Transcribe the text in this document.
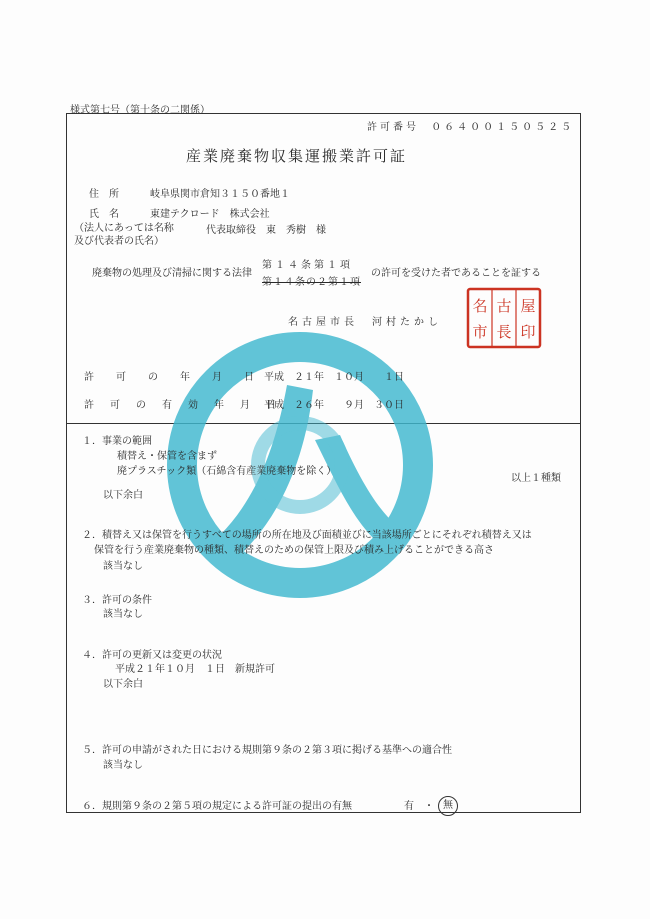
様式第七号（第十条の二関係）
許可番号 ０６４００１５０５２５
産業廃棄物収集運搬業許可証
住　所	岐阜県関市倉知３１５０番地１
氏　名	東建テクロード　株式会社
（法人にあっては名称
及び代表者の氏名）
代表取締役　東　秀樹　様
廃棄物の処理及び清掃に関する法律
第１４条第１項
第１４条の２第１項
の許可を受けた者であることを証する
名古屋市長　河村たかし
名
市
古
長
屋
印
許　可　の　年　月　日 平成　２１年　１０月　　１日
許　可　の　有　効　年　月　日
平成　２６年　　９月　３０日
１．事業の範囲
積替え・保管を含まず
廃プラスチック類（石綿含有産業廃棄物を除く）
以上１種類
以下余白
２．積替え又は保管を行うすべての場所の所在地及び面積並びに当該場所ごとにそれぞれ積替え又は
保管を行う産業廃棄物の種類、積替えのための保管上限及び積み上げることができる高さ
該当なし
３．許可の条件
該当なし
４．許可の更新又は変更の状況
平成２１年１０月　１日　新規許可
以下余白
５．許可の申請がされた日における規則第９条の２第３項に掲げる基準への適合性
該当なし
６．規則第９条の２第５項の規定による許可証の提出の有無	有 ・ 無
